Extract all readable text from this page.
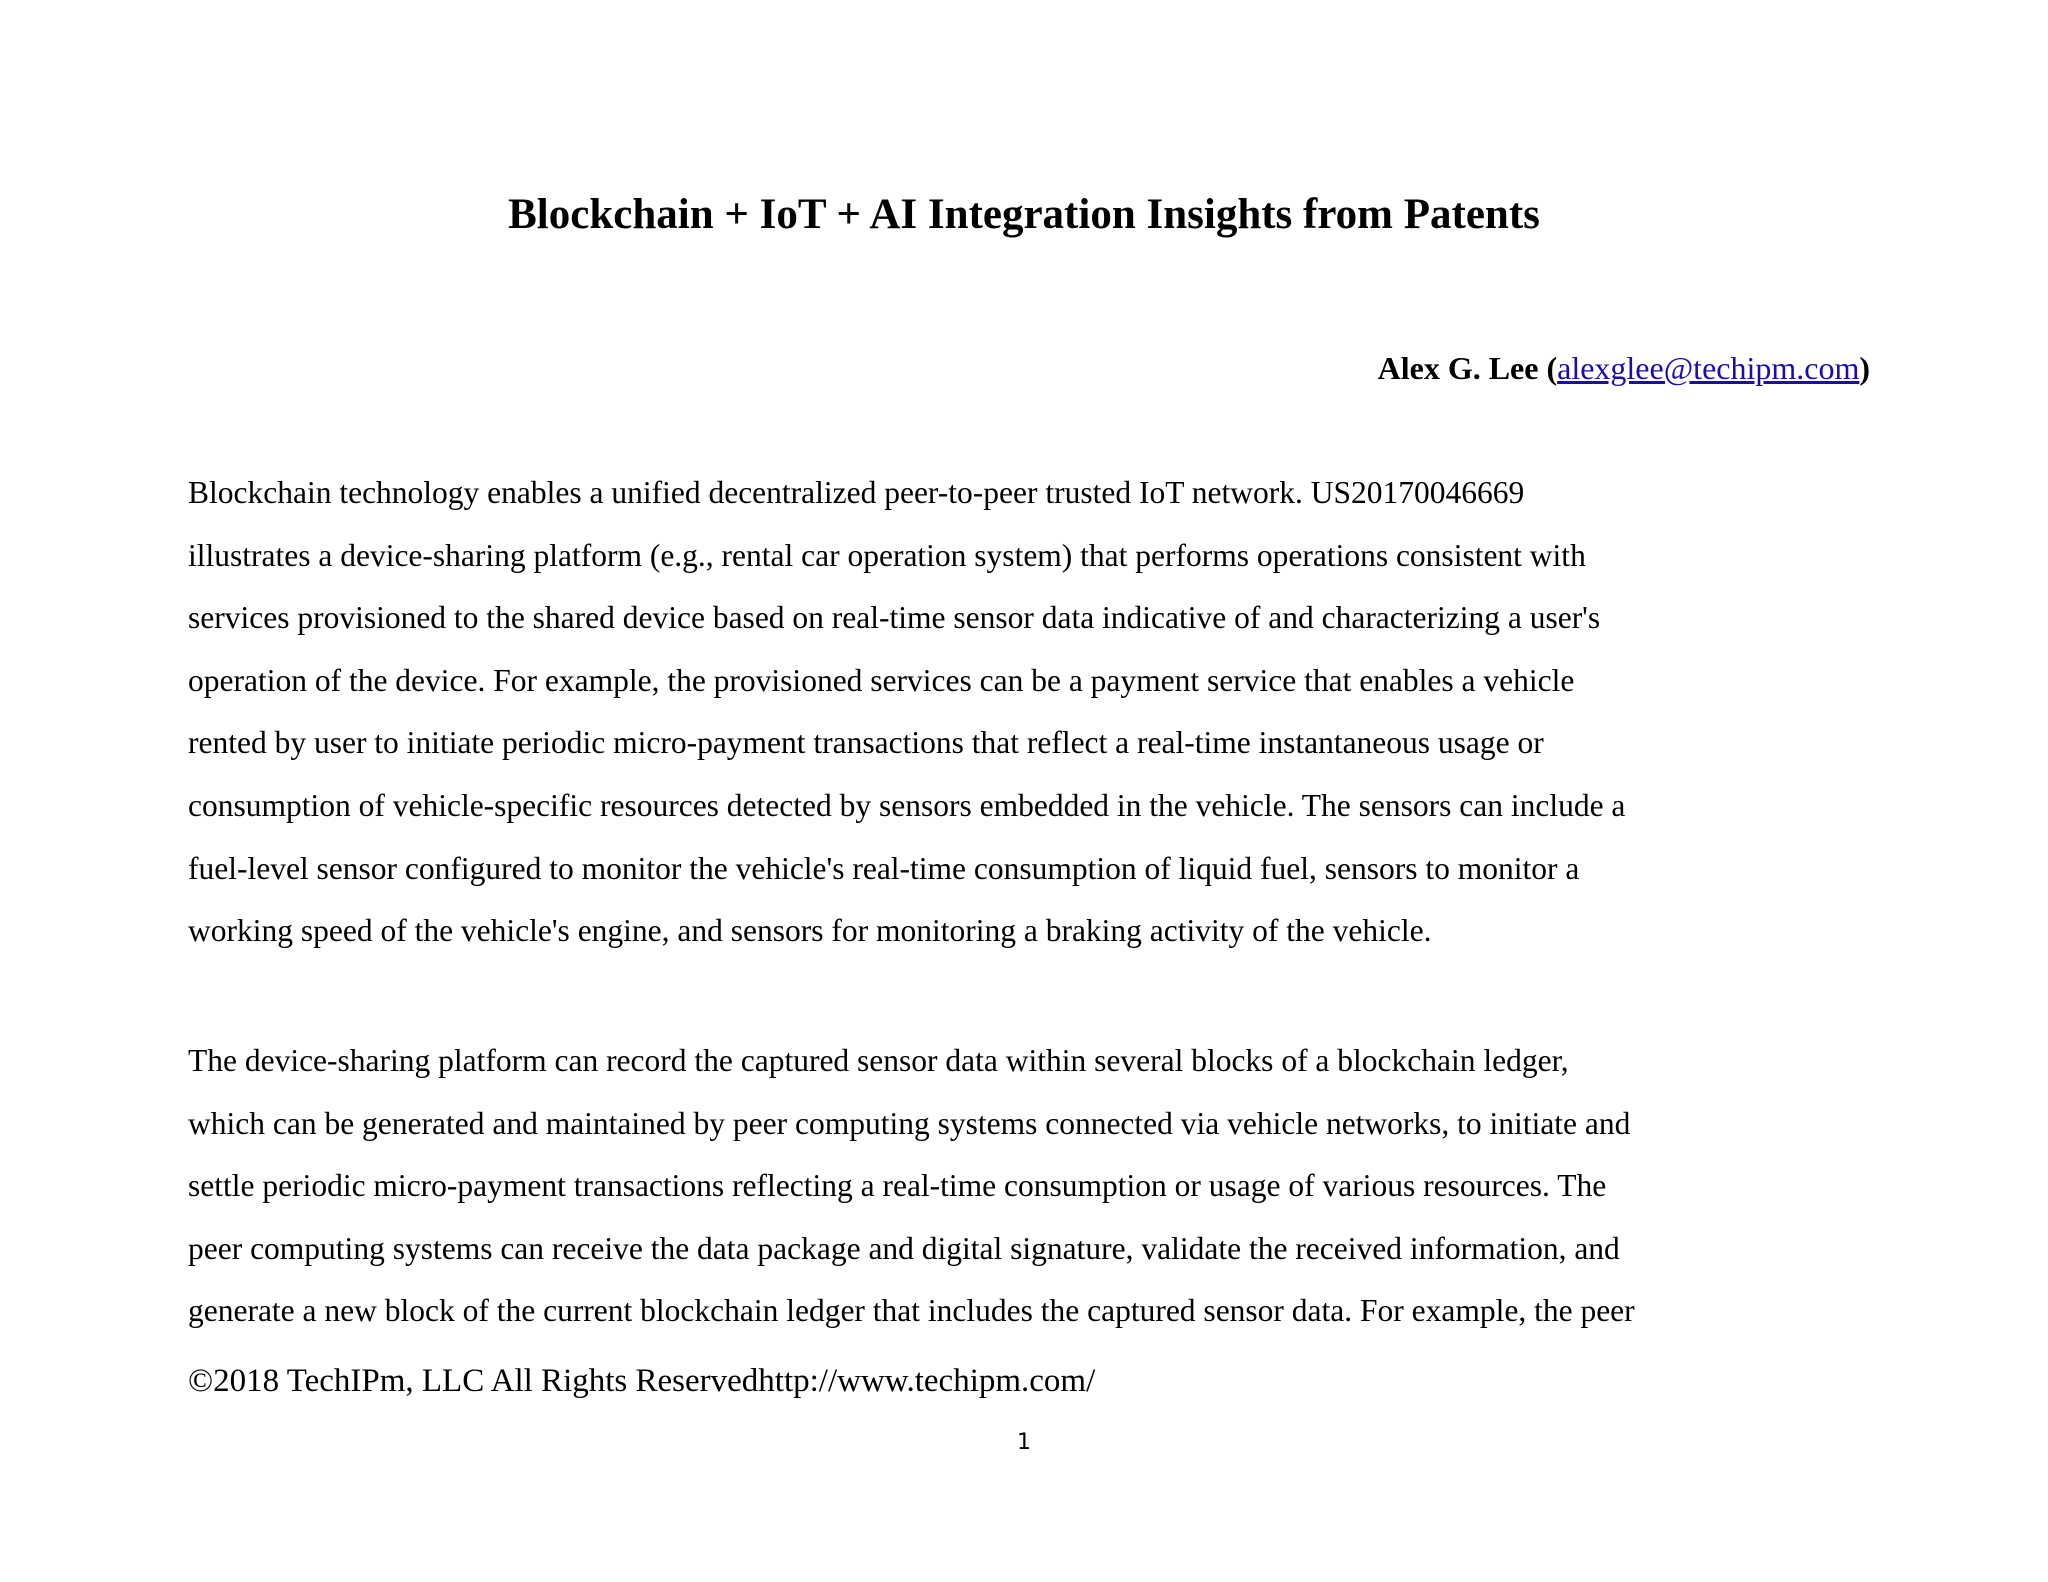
Blockchain + IoT + AI Integration Insights from Patents
Alex G. Lee (alexglee@techipm.com)
Blockchain technology enables a unified decentralized peer-to-peer trusted IoT network. US20170046669
illustrates a device-sharing platform (e.g., rental car operation system) that performs operations consistent with
services provisioned to the shared device based on real-time sensor data indicative of and characterizing a user's
operation of the device. For example, the provisioned services can be a payment service that enables a vehicle
rented by user to initiate periodic micro-payment transactions that reflect a real-time instantaneous usage or
consumption of vehicle-specific resources detected by sensors embedded in the vehicle. The sensors can include a
fuel-level sensor configured to monitor the vehicle's real-time consumption of liquid fuel, sensors to monitor a
working speed of the vehicle's engine, and sensors for monitoring a braking activity of the vehicle.
The device-sharing platform can record the captured sensor data within several blocks of a blockchain ledger,
which can be generated and maintained by peer computing systems connected via vehicle networks, to initiate and
settle periodic micro-payment transactions reflecting a real-time consumption or usage of various resources. The
peer computing systems can receive the data package and digital signature, validate the received information, and
generate a new block of the current blockchain ledger that includes the captured sensor data. For example, the peer
©2018 TechIPm, LLC All Rights Reservedhttp://www.techipm.com/
1
